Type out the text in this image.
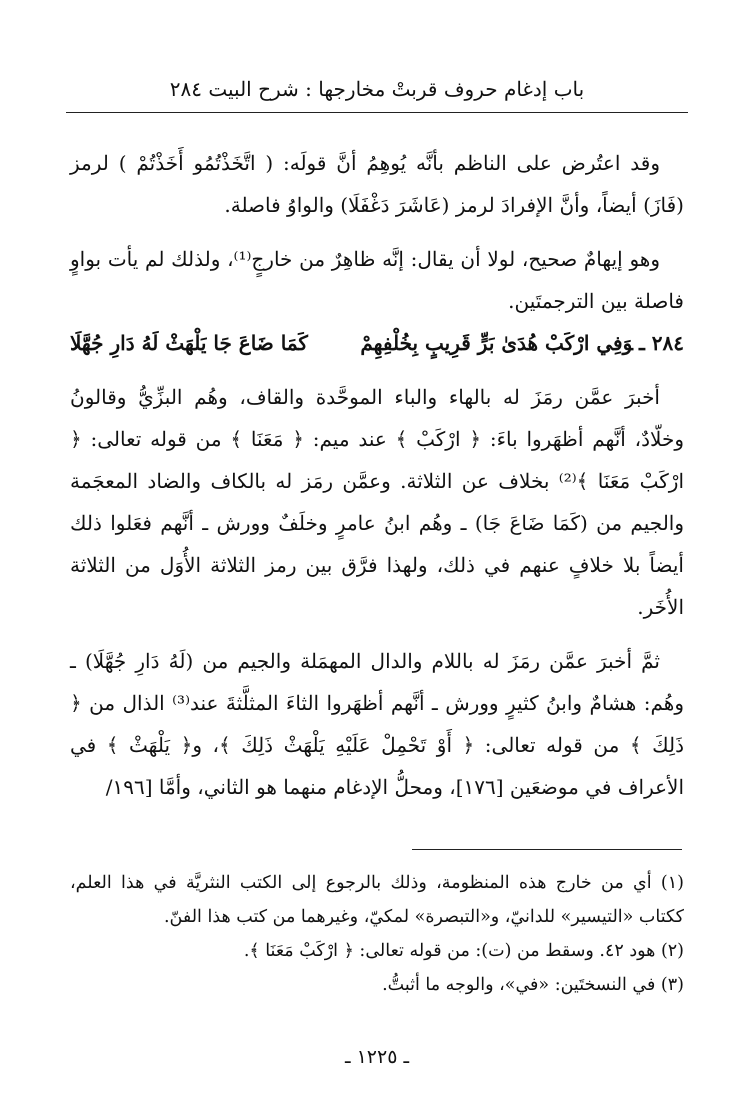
باب إدغام حروف قربتْ مخارجها : شرح البيت ٢٨٤

وقد اعتُرض على الناظم بأنَّه يُوهِمُ أنَّ قولَه: ( اتَّخَذْتُمُو أَخَذْتُمْ ) لرمز (فَازَ) أيضاً، وأنَّ الإفرادَ لرمز (عَاشَرَ دَغْفَلَا) والواوُ فاصلة.

وهو إيهامٌ صحيح، لولا أن يقال: إنَّه ظاهِرٌ من خارجٍ⁽¹⁾، ولذلك لم يأت بواوٍ فاصلة بين الترجمتَين.

٢٨٤ ـوَفِي ارْكَبْ هُدَىٰ بَرٍّ قَرِيبٍ بِخُلْفِهِمْ
كَمَا ضَاعَ جَا يَلْهَثْ لَهُ دَارِ جُهَّلَا

أخبرَ عمَّن رمَزَ له بالهاء والباء الموحَّدة والقاف، وهُم البزِّيُّ وقالونُ وخلّادٌ، أنَّهم أظهَروا باءَ: ﴿ ارْكَبْ ﴾ عند ميم: ﴿ مَعَنَا ﴾ من قوله تعالى: ﴿ ارْكَبْ مَعَنَا ﴾⁽²⁾ بخلاف عن الثلاثة. وعمَّن رمَز له بالكاف والضاد المعجَمة والجيم من (كَمَا ضَاعَ جَا) ـ وهُم ابنُ عامرٍ وخلَفٌ وورش ـ أنَّهم فعَلوا ذلك أيضاً بلا خلافٍ عنهم في ذلك، ولهذا فرَّق بين رمز الثلاثة الأُوَل من الثلاثة الأُخَر.

ثمَّ أخبرَ عمَّن رمَزَ له باللام والدال المهمَلة والجيم من (لَهُ دَارِ جُهَّلَا) ـ وهُم: هشامٌ وابنُ كثيرٍ وورش ـ أنَّهم أظهَروا الثاءَ المثلَّثةَ عند⁽³⁾ الذال من ﴿ ذَلِكَ ﴾ من قوله تعالى: ﴿ أَوْ تَحْمِلْ عَلَيْهِ يَلْهَثْ ذَلِكَ ﴾، و﴿ يَلْهَثْ ﴾ في الأعراف في موضعَين [١٧٦]، ومحلُّ الإدغام منهما هو الثاني، وأمَّا [١٩٦/

(١) أي من خارج هذه المنظومة، وذلك بالرجوع إلى الكتب النثريَّة في هذا العلم، ككتاب «التيسير» للدانيّ، و«التبصرة» لمكيّ، وغيرهما من كتب هذا الفنّ.

(٢) هود ٤٢. وسقط من (ت): من قوله تعالى: ﴿ ارْكَبْ مَعَنَا ﴾.

(٣) في النسختَين: «في»، والوجه ما أثبتُّ.

ـ ١٢٢٥ ـ
